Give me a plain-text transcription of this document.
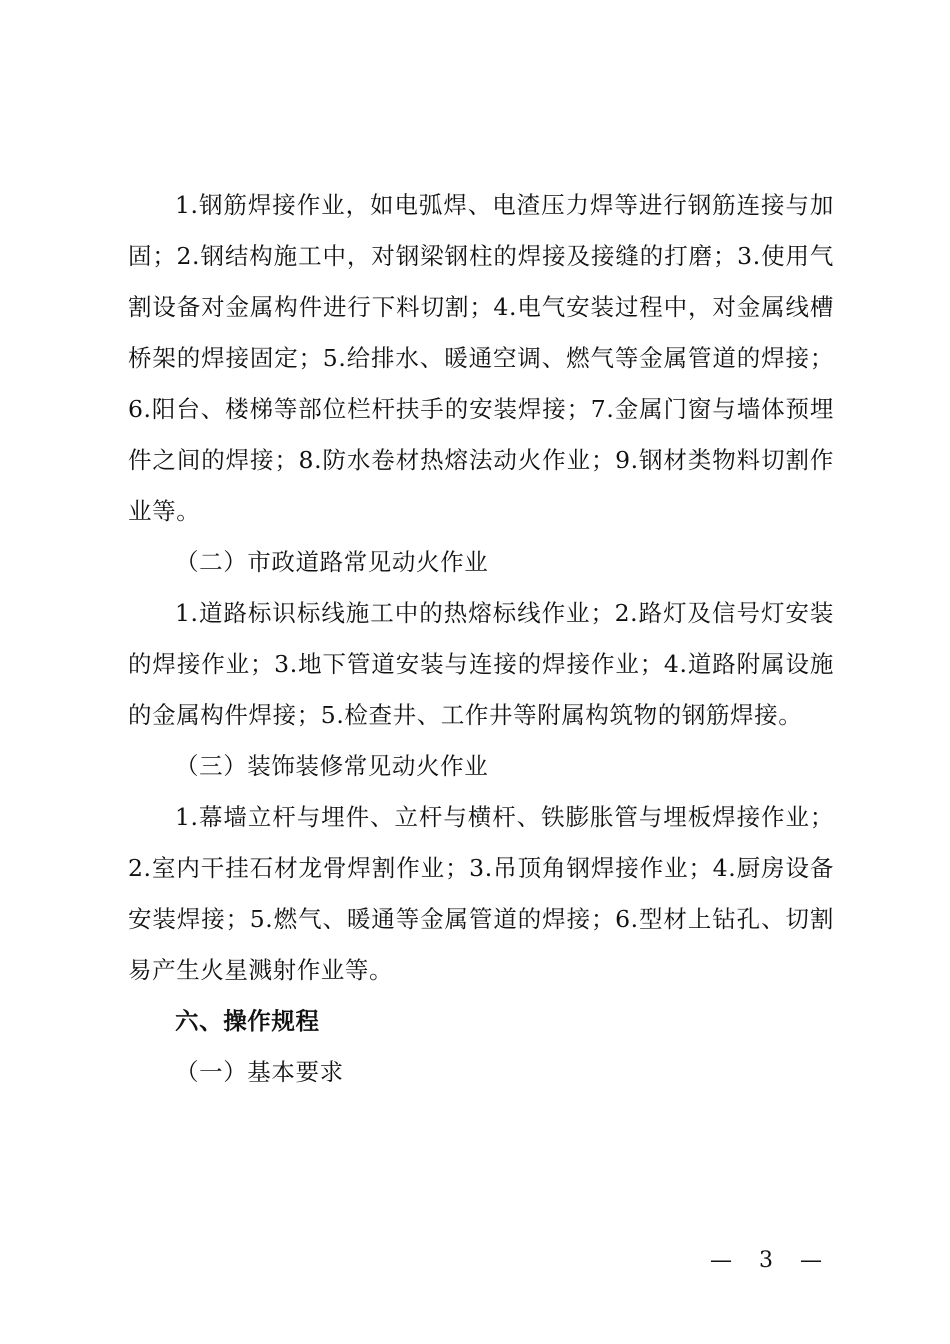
1.钢筋焊接作业，如电弧焊、电渣压力焊等进行钢筋连接与加固；2.钢结构施工中，对钢梁钢柱的焊接及接缝的打磨；3.使用气割设备对金属构件进行下料切割；4.电气安装过程中，对金属线槽桥架的焊接固定；5.给排水、暖通空调、燃气等金属管道的焊接；6.阳台、楼梯等部位栏杆扶手的安装焊接；7.金属门窗与墙体预埋件之间的焊接；8.防水卷材热熔法动火作业；9.钢材类物料切割作业等。

（二）市政道路常见动火作业

1.道路标识标线施工中的热熔标线作业；2.路灯及信号灯安装的焊接作业；3.地下管道安装与连接的焊接作业；4.道路附属设施的金属构件焊接；5.检查井、工作井等附属构筑物的钢筋焊接。

（三）装饰装修常见动火作业

1.幕墙立杆与埋件、立杆与横杆、铁膨胀管与埋板焊接作业；2.室内干挂石材龙骨焊割作业；3.吊顶角钢焊接作业；4.厨房设备安装焊接；5.燃气、暖通等金属管道的焊接；6.型材上钻孔、切割易产生火星溅射作业等。

六、操作规程

（一）基本要求

— 3 —
